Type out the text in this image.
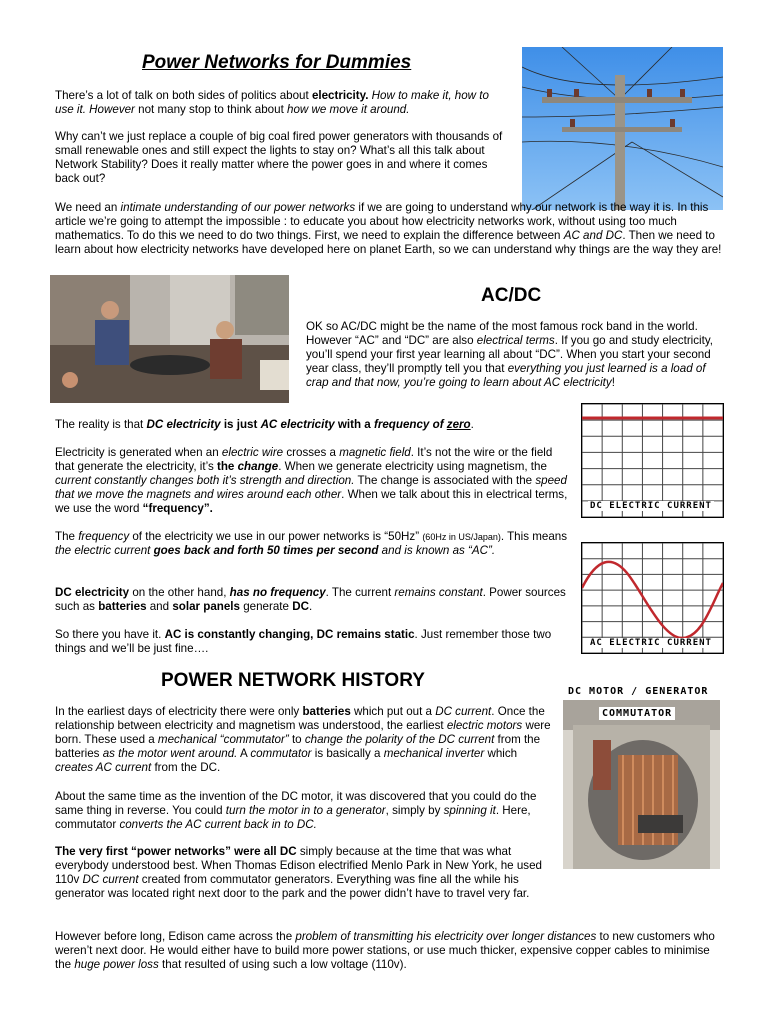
Power Networks for Dummies

There’s a lot of talk on both sides of politics about electricity. How to make it, how to use it. However not many stop to think about how we move it around.

Why can’t we just replace a couple of big coal fired power generators with thousands of small renewable ones and still expect the lights to stay on? What’s all this talk about Network Stability? Does it really matter where the power goes in and where it comes back out?

We need an intimate understanding of our power networks if we are going to understand why our network is the way it is. In this article we’re going to attempt the impossible : to educate you about how electricity networks work, without using too much mathematics. To do this we need to do two things. First, we need to explain the difference between AC and DC. Then we need to learn about how electricity networks have developed here on planet Earth, so we can understand why things are the way they are!

AC/DC

OK so AC/DC might be the name of the most famous rock band in the world. However “AC” and “DC” are also electrical terms. If you go and study electricity, you’ll spend your first year learning all about “DC”. When you start your second year class, they’ll promptly tell you that everything you just learned is a load of crap and that now, you’re going to learn about AC electricity!

The reality is that DC electricity is just AC electricity with a frequency of zero.

Electricity is generated when an electric wire crosses a magnetic field. It’s not the wire or the field that generate the electricity, it’s the change. When we generate electricity using magnetism, the current constantly changes both it’s strength and direction. The change is associated with the speed that we move the magnets and wires around each other. When we talk about this in electrical terms, we use the word “frequency”.

The frequency of the electricity we use in our power networks is “50Hz” (60Hz in US/Japan). This means the electric current goes back and forth 50 times per second and is known as “AC”.

DC electricity on the other hand, has no frequency. The current remains constant. Power sources such as batteries and solar panels generate DC.

So there you have it. AC is constantly changing, DC remains static. Just remember those two things and we’ll be just fine….

DC ELECTRIC CURRENT
AC ELECTRIC CURRENT
POWER NETWORK HISTORY

In the earliest days of electricity there were only batteries which put out a DC current. Once the relationship between electricity and magnetism was understood, the earliest electric motors were born. These used a mechanical “commutator” to change the polarity of the DC current from the batteries as the motor went around. A commutator is basically a mechanical inverter which creates AC current from the DC.

About the same time as the invention of the DC motor, it was discovered that you could do the same thing in reverse. You could turn the motor in to a generator, simply by spinning it. Here, commutator converts the AC current back in to DC.

The very first “power networks” were all DC simply because at the time that was what everybody understood best. When Thomas Edison electrified Menlo Park in New York, he used 110v DC current created from commutator generators. Everything was fine all the while his generator was located right next door to the park and the power didn’t have to travel very far.

However before long, Edison came across the problem of transmitting his electricity over longer distances to new customers who weren’t next door. He would either have to build more power stations, or use much thicker, expensive copper cables to minimise the huge power loss that resulted of using such a low voltage (110v).

DC MOTOR / GENERATOR
COMMUTATOR
